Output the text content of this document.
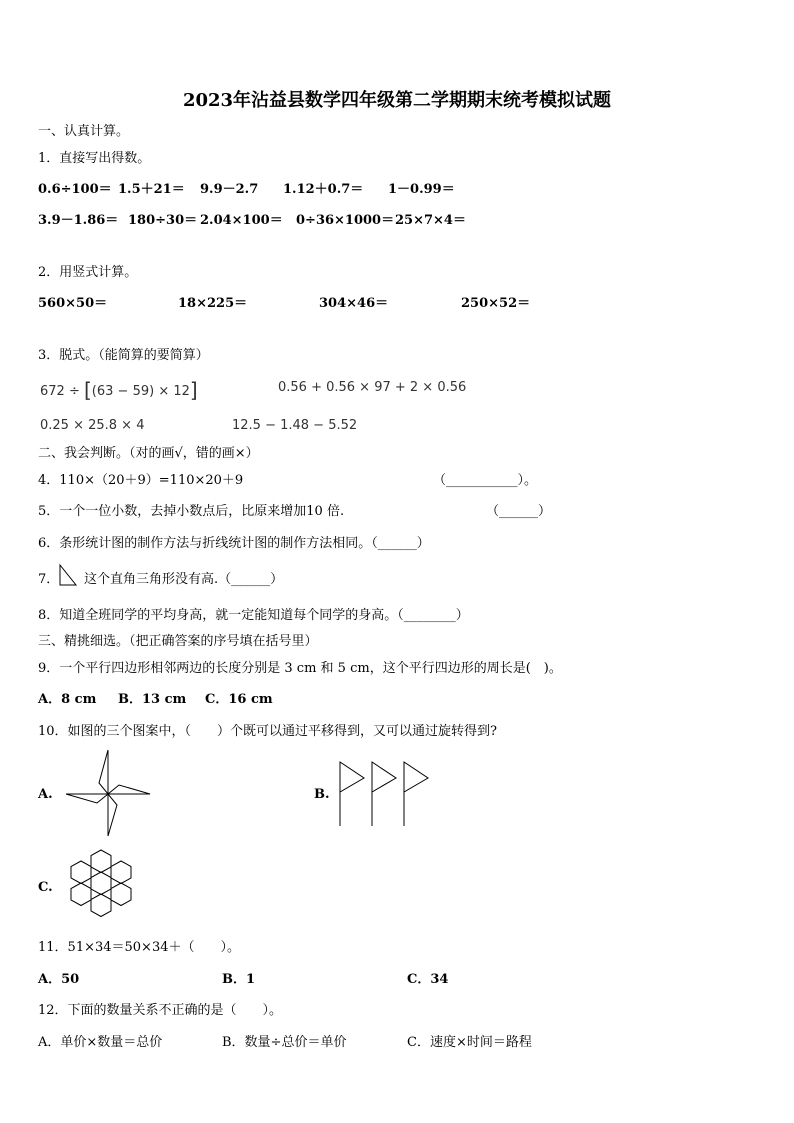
2023年沾益县数学四年级第二学期期末统考模拟试题
一、认真计算。
1．直接写出得数。
0.6÷100＝ 1.5＋21＝ 9.9－2.7 1.12＋0.7＝ 1－0.99＝
3.9－1.86＝ 180÷30＝ 2.04×100＝ 0÷36×1000＝ 25×7×4＝
2．用竖式计算。
560×50＝	18×225＝	304×46＝	250×52＝
3．脱式。（能简算的要简算）
672 ÷ [(63 − 59) × 12]	0.56 + 0.56 × 97 + 2 × 0.56
0.25 × 25.8 × 4	12.5 − 1.48 − 5.52
二、我会判断。（对的画√，错的画×）
4．110×（20＋9）=110×20＋9	（___________）。
5．一个一位小数，去掉小数点后，比原来增加10 倍.	（______）
6．条形统计图的制作方法与折线统计图的制作方法相同。（______）
7． 这个直角三角形没有高.（______）
8．知道全班同学的平均身高，就一定能知道每个同学的身高。（________）
三、精挑细选。（把正确答案的序号填在括号里）
9．一个平行四边形相邻两边的长度分别是 3 cm 和 5 cm，这个平行四边形的周长是(　)。
A．8 cm B．13 cm C．16 cm
10．如图的三个图案中，（　　）个既可以通过平移得到，又可以通过旋转得到?
A.	B.
C.
11．51×34＝50×34＋（　　）。
A．50	B．1	C．34
12．下面的数量关系不正确的是（　　）。
A．单价×数量＝总价	B．数量÷总价＝单价	C．速度×时间＝路程
